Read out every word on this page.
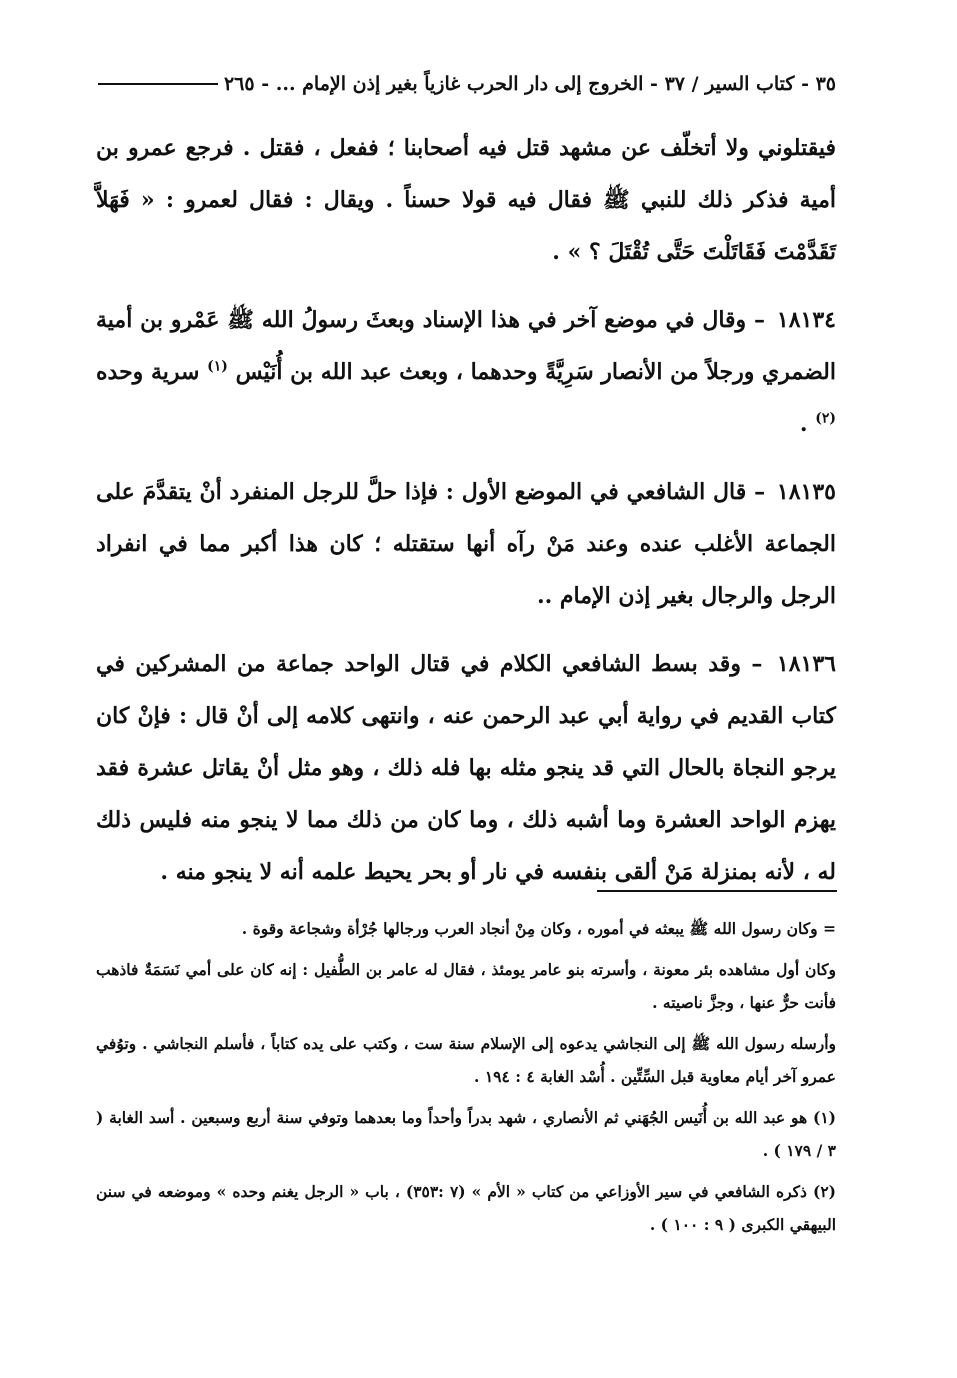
٣٥ - كتاب السير / ٣٧ - الخروج إلى دار الحرب غازياً بغير إذن الإمام ... - ٢٦٥

فيقتلوني ولا أتخلّف عن مشهد قتل فيه أصحابنا ؛ ففعل ، فقتل . فرجع عمرو بن أمية فذكر ذلك للنبي ﷺ فقال فيه قولا حسناً . ويقال : فقال لعمرو : « فَهَلاَّ تَقَدَّمْتَ فَقَاتَلْتَ حَتَّى تُقْتَلَ ؟ » .

١٨١٣٤ – وقال في موضع آخر في هذا الإسناد وبعثَ رسولُ الله ﷺ عَمْرو بن أمية الضمري ورجلاً من الأنصار سَرِيَّةً وحدهما ، وبعث عبد الله بن أُنَيْس $^{(١)}$ سرية وحده $^{(٢)}$ .

١٨١٣٥ – قال الشافعي في الموضع الأول : فإذا حلَّ للرجل المنفرد أنْ يتقدَّمَ على الجماعة الأغلب عنده وعند مَنْ رآه أنها ستقتله ؛ كان هذا أكبر مما في انفراد الرجل والرجال بغير إذن الإمام ..

١٨١٣٦ – وقد بسط الشافعي الكلام في قتال الواحد جماعة من المشركين في كتاب القديم في رواية أبي عبد الرحمن عنه ، وانتهى كلامه إلى أنْ قال : فإنْ كان يرجو النجاة بالحال التي قد ينجو مثله بها فله ذلك ، وهو مثل أنْ يقاتل عشرة فقد يهزم الواحد العشرة وما أشبه ذلك ، وما كان من ذلك مما لا ينجو منه فليس ذلك له ، لأنه بمنزلة مَنْ ألقى بنفسه في نار أو بحر يحيط علمه أنه لا ينجو منه .

= وكان رسول الله ﷺ يبعثه في أموره ، وكان مِنْ أنجاد العرب ورجالها جُرْأة وشجاعة وقوة .

وكان أول مشاهده بئر معونة ، وأسرته بنو عامر يومئذ ، فقال له عامر بن الطُّفيل : إنه كان على أمي نَسَمَةٌ فاذهب فأنت حرٌّ عنها ، وجزَّ ناصيته .

وأرسله رسول الله ﷺ إلى النجاشي يدعوه إلى الإسلام سنة ست ، وكتب على يده كتاباً ، فأسلم النجاشي . وتوُفي عمرو آخر أيام معاوية قبل السِّتِّين . أُسْد الغابة ٤ : ١٩٤ .

(١) هو عبد الله بن أُنَيس الجُهَني ثم الأنصاري ، شهد بدراً وأحداً وما بعدهما وتوفي سنة أربع وسبعين . أسد الغابة ( ٣ / ١٧٩ ) .

(٢) ذكره الشافعي في سير الأوزاعي من كتاب « الأم » (٧ :٣٥٣) ، باب « الرجل يغنم وحده » وموضعه في سنن البيهقي الكبرى ( ٩ : ١٠٠ ) .
